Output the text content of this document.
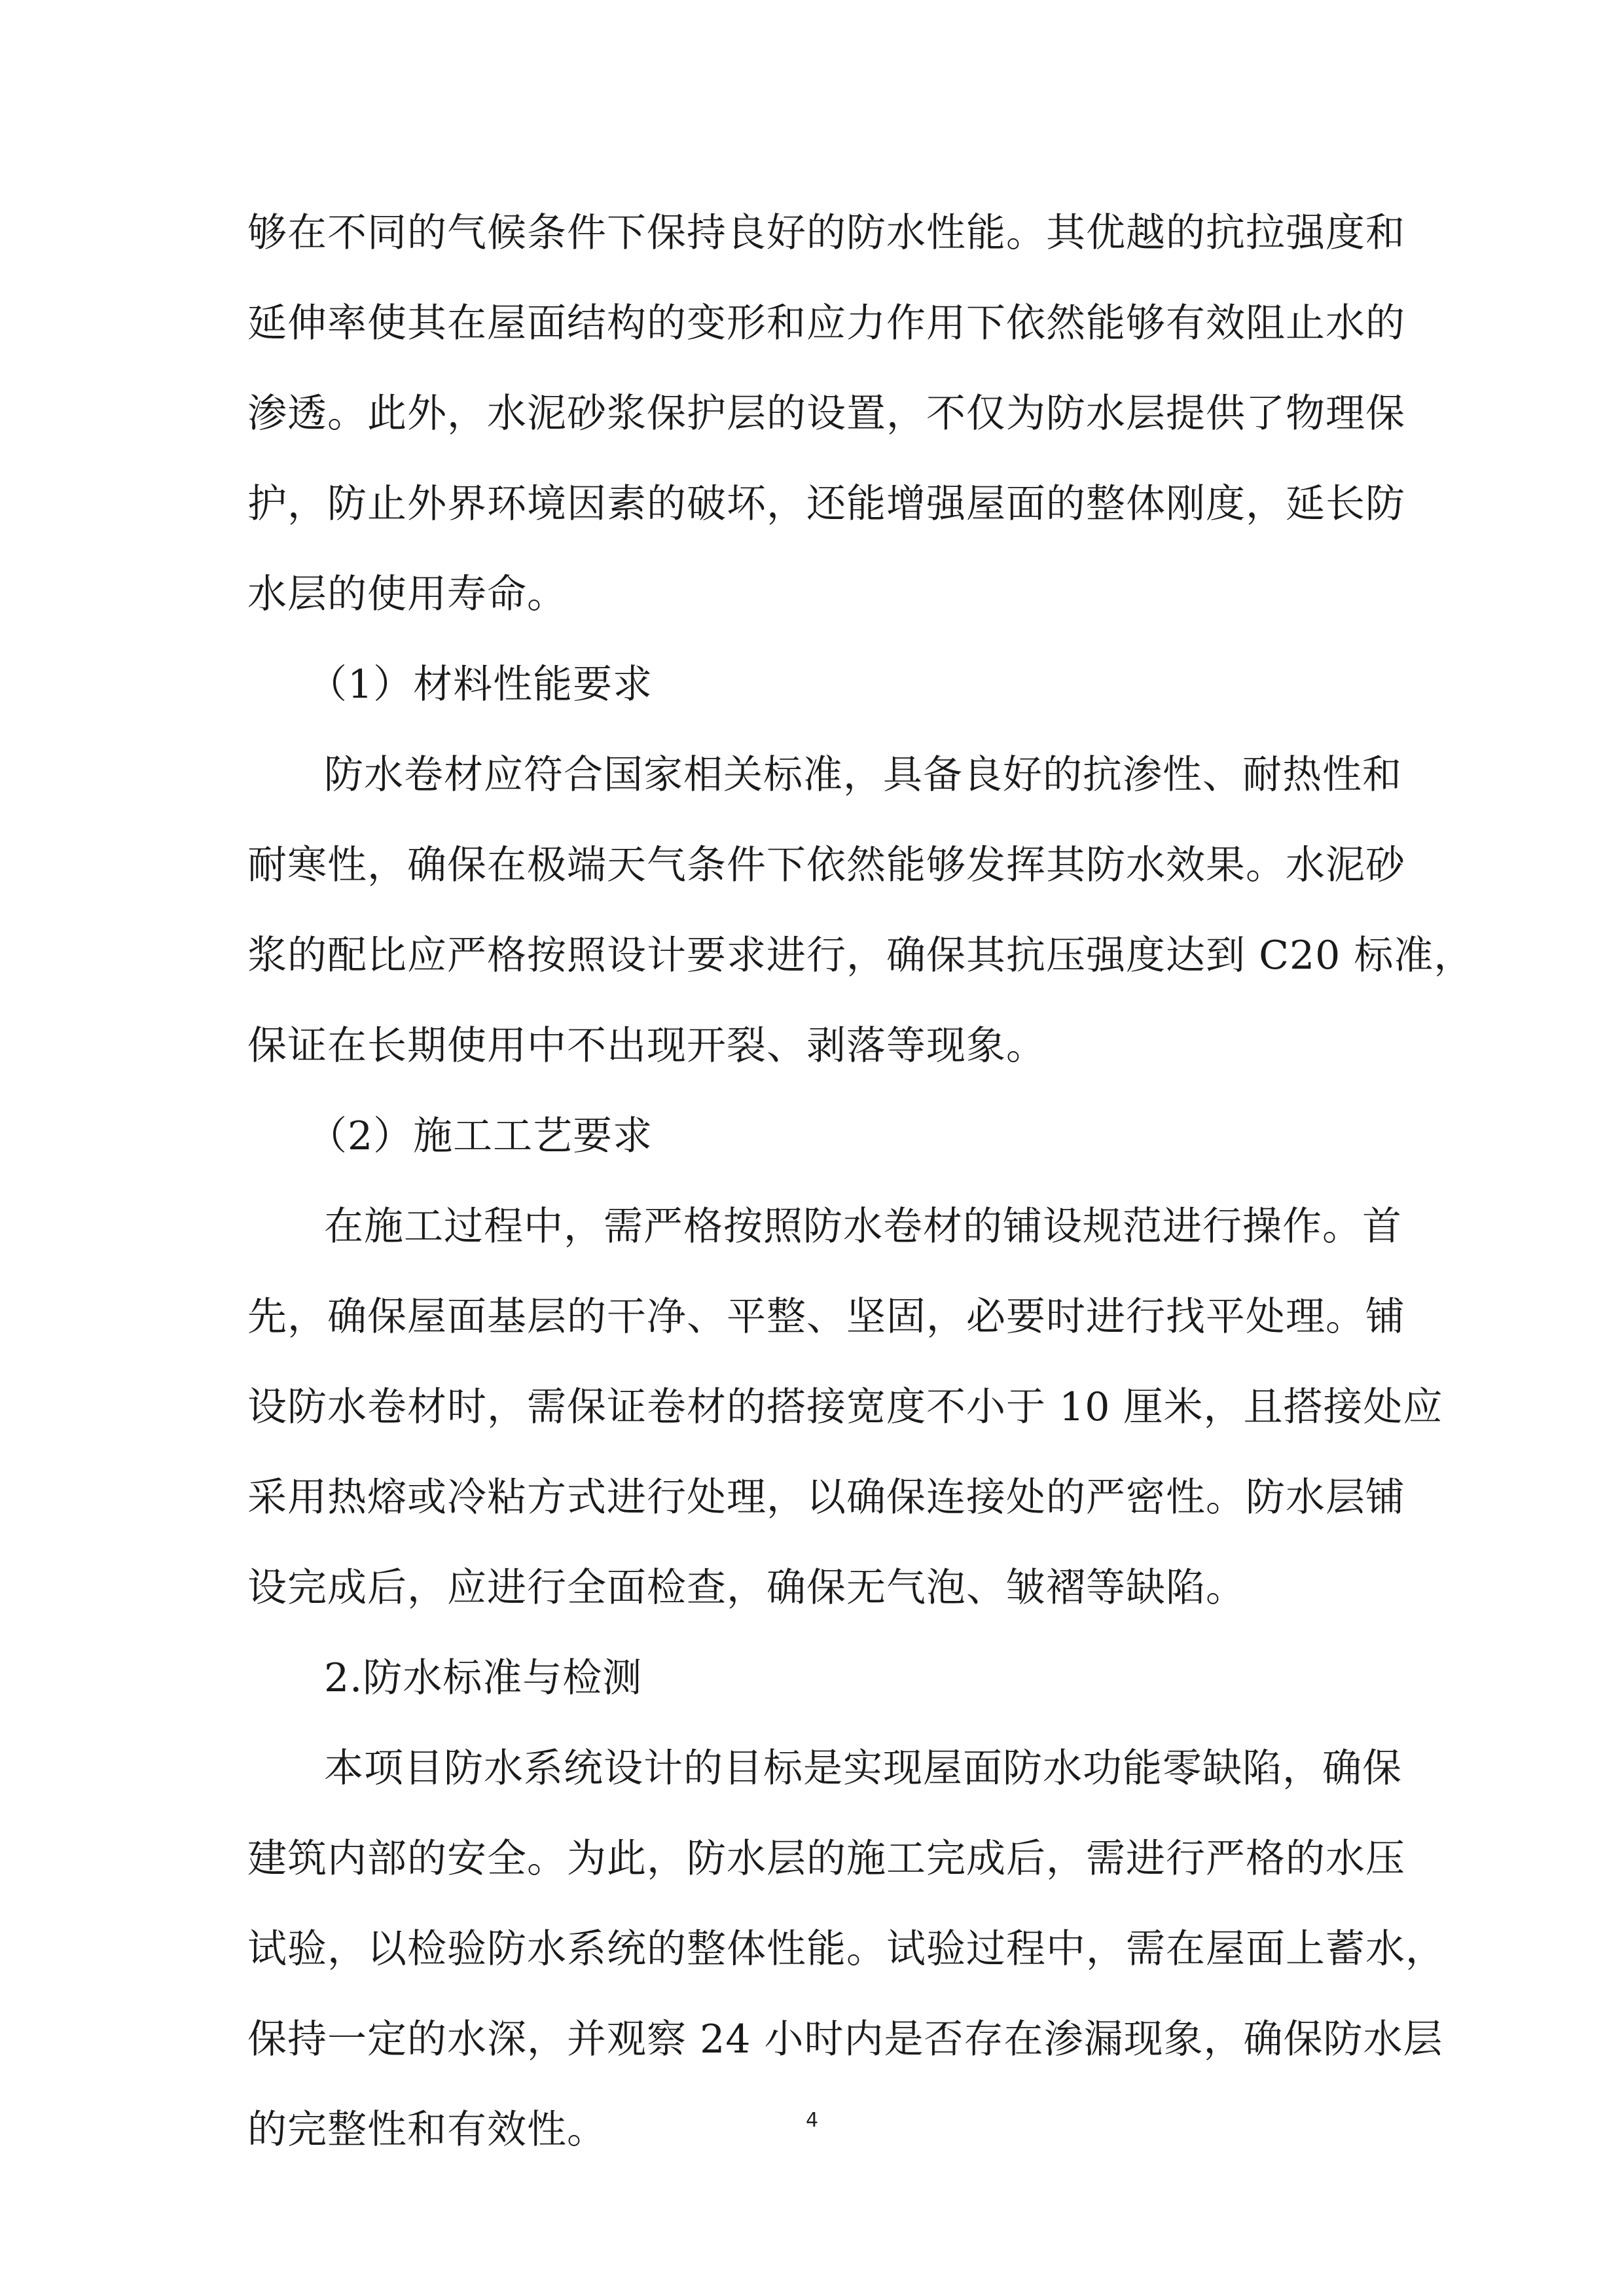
够在不同的气候条件下保持良好的防水性能。其优越的抗拉强度和
延伸率使其在屋面结构的变形和应力作用下依然能够有效阻止水的
渗透。此外，水泥砂浆保护层的设置，不仅为防水层提供了物理保
护，防止外界环境因素的破坏，还能增强屋面的整体刚度，延长防
水层的使用寿命。
（1）材料性能要求
防水卷材应符合国家相关标准，具备良好的抗渗性、耐热性和
耐寒性，确保在极端天气条件下依然能够发挥其防水效果。水泥砂
浆的配比应严格按照设计要求进行，确保其抗压强度达到 C20 标准，
保证在长期使用中不出现开裂、剥落等现象。
（2）施工工艺要求
在施工过程中，需严格按照防水卷材的铺设规范进行操作。首
先，确保屋面基层的干净、平整、坚固，必要时进行找平处理。铺
设防水卷材时，需保证卷材的搭接宽度不小于 10 厘米，且搭接处应
采用热熔或冷粘方式进行处理，以确保连接处的严密性。防水层铺
设完成后，应进行全面检查，确保无气泡、皱褶等缺陷。
2.防水标准与检测
本项目防水系统设计的目标是实现屋面防水功能零缺陷，确保
建筑内部的安全。为此，防水层的施工完成后，需进行严格的水压
试验，以检验防水系统的整体性能。试验过程中，需在屋面上蓄水，
保持一定的水深，并观察 24 小时内是否存在渗漏现象，确保防水层
的完整性和有效性。	4
